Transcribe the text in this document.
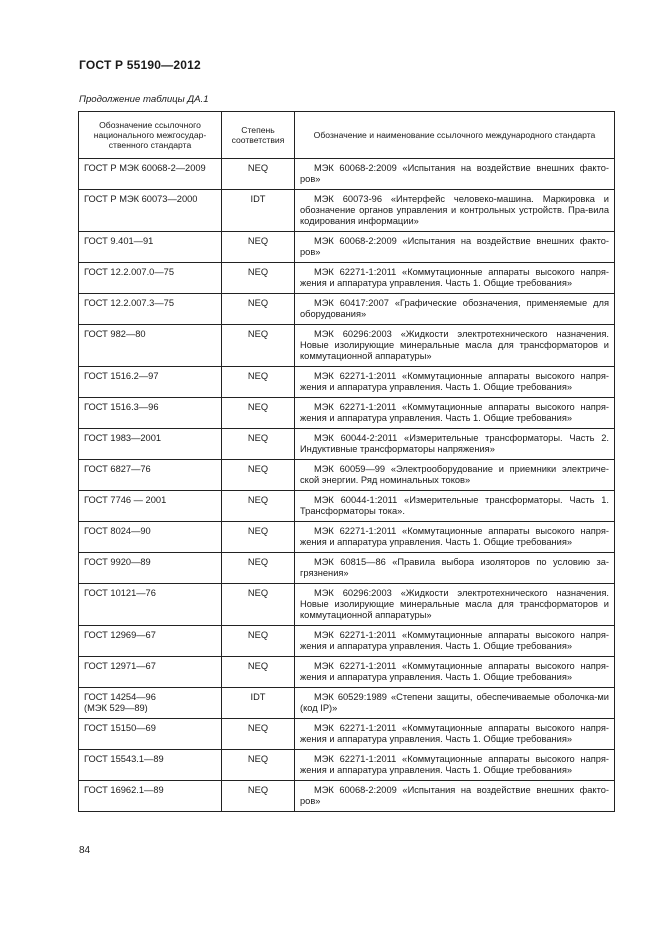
ГОСТ Р 55190—2012
Продолжение таблицы ДА.1
Обозначение ссылочного национального межгосудар-ственного стандарта	Степень соответствия	Обозначение и наименование ссылочного международного стандарта
ГОСТ Р МЭК 60068-2—2009	NEQ	МЭК 60068-2:2009 «Испытания на воздействие внешних факто-ров»
ГОСТ Р МЭК 60073—2000	IDT	МЭК 60073-96 «Интерфейс человеко-машина. Маркировка и обозначение органов управления и контрольных устройств. Пра-вила кодирования информации»
ГОСТ 9.401—91	NEQ	МЭК 60068-2:2009 «Испытания на воздействие внешних факто-ров»
ГОСТ 12.2.007.0—75	NEQ	МЭК 62271-1:2011 «Коммутационные аппараты высокого напря-жения и аппаратура управления. Часть 1. Общие требования»
ГОСТ 12.2.007.3—75	NEQ	МЭК 60417:2007 «Графические обозначения, применяемые для оборудования»
ГОСТ 982—80	NEQ	МЭК 60296:2003 «Жидкости электротехнического назначения. Новые изолирующие минеральные масла для трансформаторов и коммутационной аппаратуры»
ГОСТ 1516.2—97	NEQ	МЭК 62271-1:2011 «Коммутационные аппараты высокого напря-жения и аппаратура управления. Часть 1. Общие требования»
ГОСТ 1516.3—96	NEQ	МЭК 62271-1:2011 «Коммутационные аппараты высокого напря-жения и аппаратура управления. Часть 1. Общие требования»
ГОСТ 1983—2001	NEQ	МЭК 60044-2:2011 «Измерительные трансформаторы. Часть 2. Индуктивные трансформаторы напряжения»
ГОСТ 6827—76	NEQ	МЭК 60059—99 «Электрооборудование и приемники электриче-ской энергии. Ряд номинальных токов»
ГОСТ 7746 — 2001	NEQ	МЭК 60044-1:2011 «Измерительные трансформаторы. Часть 1. Трансформаторы тока».
ГОСТ 8024—90	NEQ	МЭК 62271-1:2011 «Коммутационные аппараты высокого напря-жения и аппаратура управления. Часть 1. Общие требования»
ГОСТ 9920—89	NEQ	МЭК 60815—86 «Правила выбора изоляторов по условию за-грязнения»
ГОСТ 10121—76	NEQ	МЭК 60296:2003 «Жидкости электротехнического назначения. Новые изолирующие минеральные масла для трансформаторов и коммутационной аппаратуры»
ГОСТ 12969—67	NEQ	МЭК 62271-1:2011 «Коммутационные аппараты высокого напря-жения и аппаратура управления. Часть 1. Общие требования»
ГОСТ 12971—67	NEQ	МЭК 62271-1:2011 «Коммутационные аппараты высокого напря-жения и аппаратура управления. Часть 1. Общие требования»
ГОСТ 14254—96
(МЭК 529—89)	IDT	МЭК 60529:1989 «Степени защиты, обеспечиваемые оболочка-ми (код IP)»
ГОСТ 15150—69	NEQ	МЭК 62271-1:2011 «Коммутационные аппараты высокого напря-жения и аппаратура управления. Часть 1. Общие требования»
ГОСТ 15543.1—89	NEQ	МЭК 62271-1:2011 «Коммутационные аппараты высокого напря-жения и аппаратура управления. Часть 1. Общие требования»
ГОСТ 16962.1—89	NEQ	МЭК 60068-2:2009 «Испытания на воздействие внешних факто-ров»
84
